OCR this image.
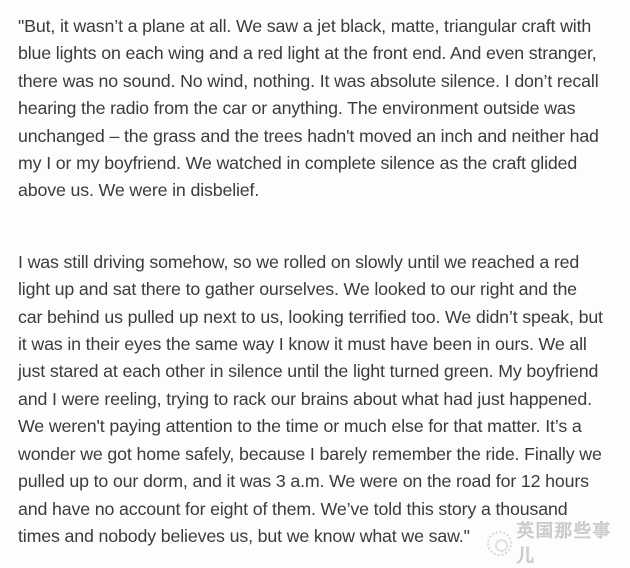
"But, it wasn’t a plane at all. We saw a jet black, matte, triangular craft with
blue lights on each wing and a red light at the front end. And even stranger,
there was no sound. No wind, nothing. It was absolute silence. I don’t recall
hearing the radio from the car or anything. The environment outside was
unchanged – the grass and the trees hadn't moved an inch and neither had
my I or my boyfriend. We watched in complete silence as the craft glided
above us. We were in disbelief.
I was still driving somehow, so we rolled on slowly until we reached a red
light up and sat there to gather ourselves. We looked to our right and the
car behind us pulled up next to us, looking terrified too. We didn’t speak, but
it was in their eyes the same way I know it must have been in ours. We all
just stared at each other in silence until the light turned green. My boyfriend
and I were reeling, trying to rack our brains about what had just happened.
We weren't paying attention to the time or much else for that matter. It’s a
wonder we got home safely, because I barely remember the ride. Finally we
pulled up to our dorm, and it was 3 a.m. We were on the road for 12 hours
and have no account for eight of them. We’ve told this story a thousand
times and nobody believes us, but we know what we saw."	英国那些事儿
